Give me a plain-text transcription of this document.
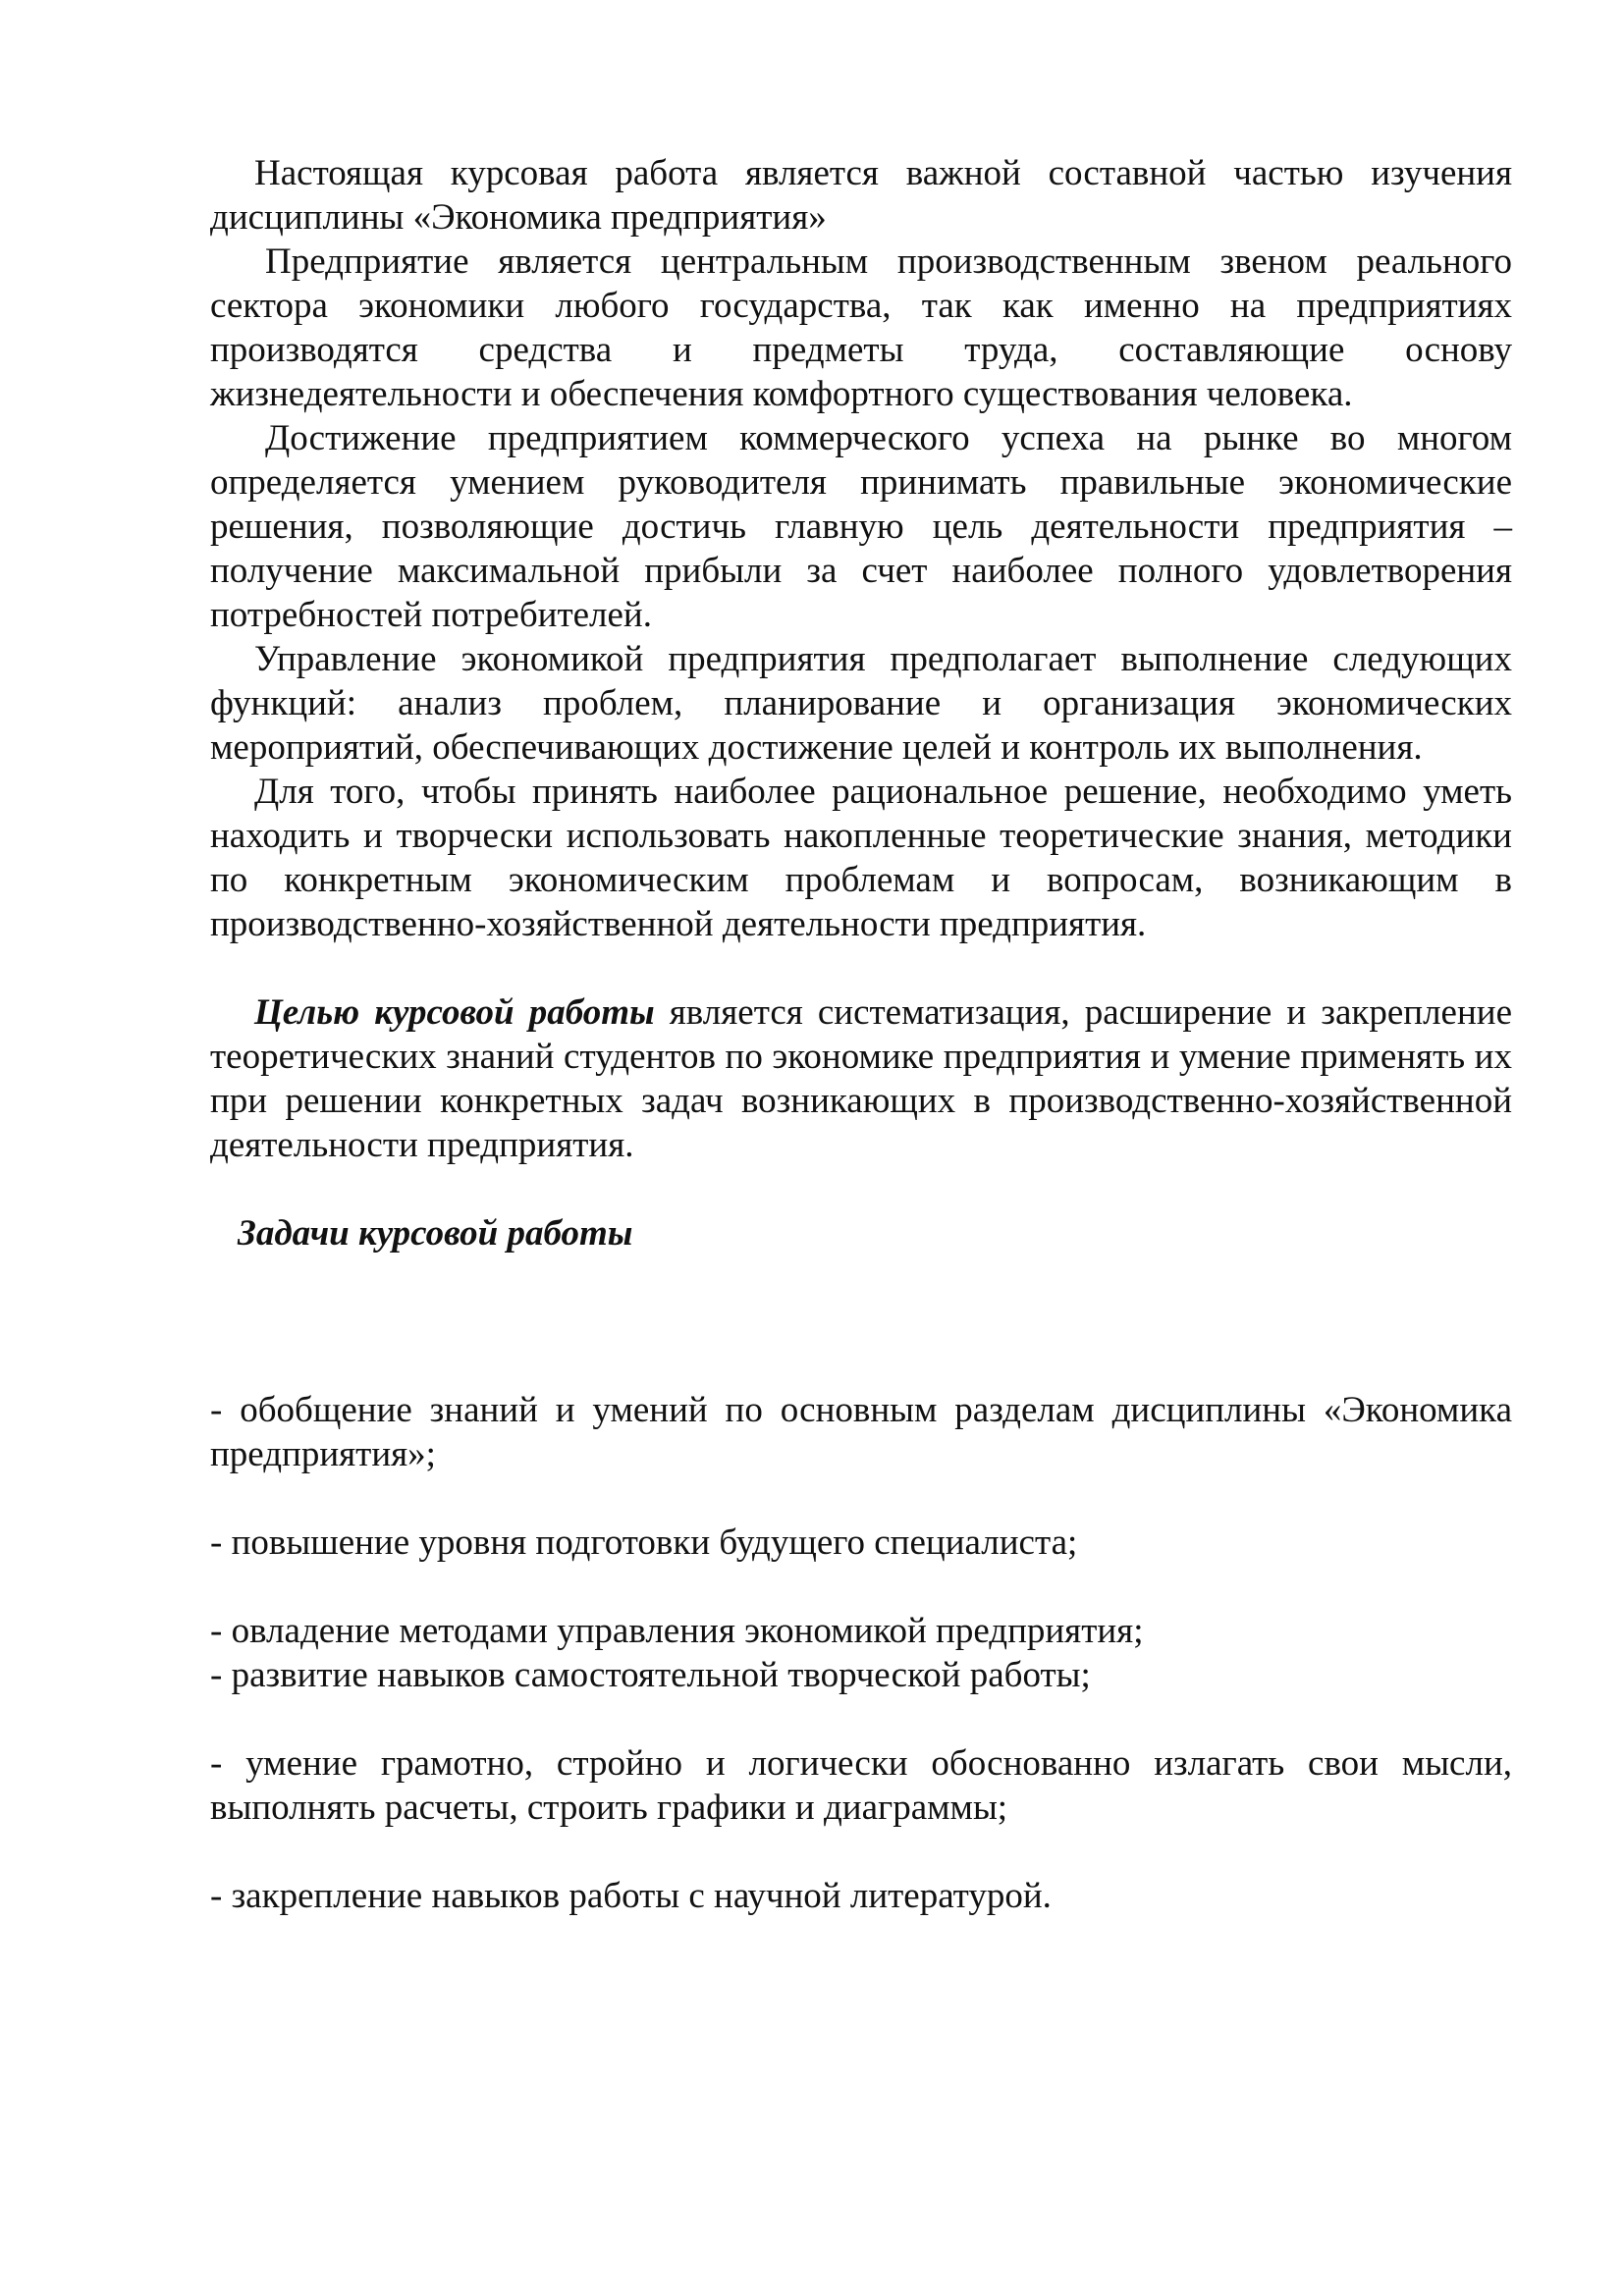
Настоящая курсовая работа является важной составной частью изучения дисциплины «Экономика предприятия»

Предприятие является центральным производственным звеном реального сектора экономики любого государства, так как именно на предприятиях производятся средства и предметы труда, составляющие основу жизнедеятельности и обеспечения комфортного существования человека.

Достижение предприятием коммерческого успеха на рынке во многом определяется умением руководителя принимать правильные экономические решения, позволяющие достичь главную цель деятельности предприятия – получение максимальной прибыли за счет наиболее полного удовлетворения потребностей потребителей.

Управление экономикой предприятия предполагает выполнение следующих функций: анализ проблем, планирование и организация экономических мероприятий, обеспечивающих достижение целей и контроль их выполнения.

Для того, чтобы принять наиболее рациональное решение, необходимо уметь находить и творчески использовать накопленные теоретические знания, методики по конкретным экономическим проблемам и вопросам, возникающим в производственно-хозяйственной деятельности предприятия.

Целью курсовой работы является систематизация, расширение и закрепление теоретических знаний студентов по экономике предприятия и умение применять их при решении конкретных задач возникающих в производственно-хозяйственной деятельности предприятия.

Задачи курсовой работы

- обобщение знаний и умений по основным разделам дисциплины «Экономика предприятия»;

- повышение уровня подготовки будущего специалиста;

- овладение методами управления экономикой предприятия;

- развитие навыков самостоятельной творческой работы;

- умение грамотно, стройно и логически обоснованно излагать свои мысли, выполнять расчеты, строить графики и диаграммы;

- закрепление навыков работы с научной литературой.
